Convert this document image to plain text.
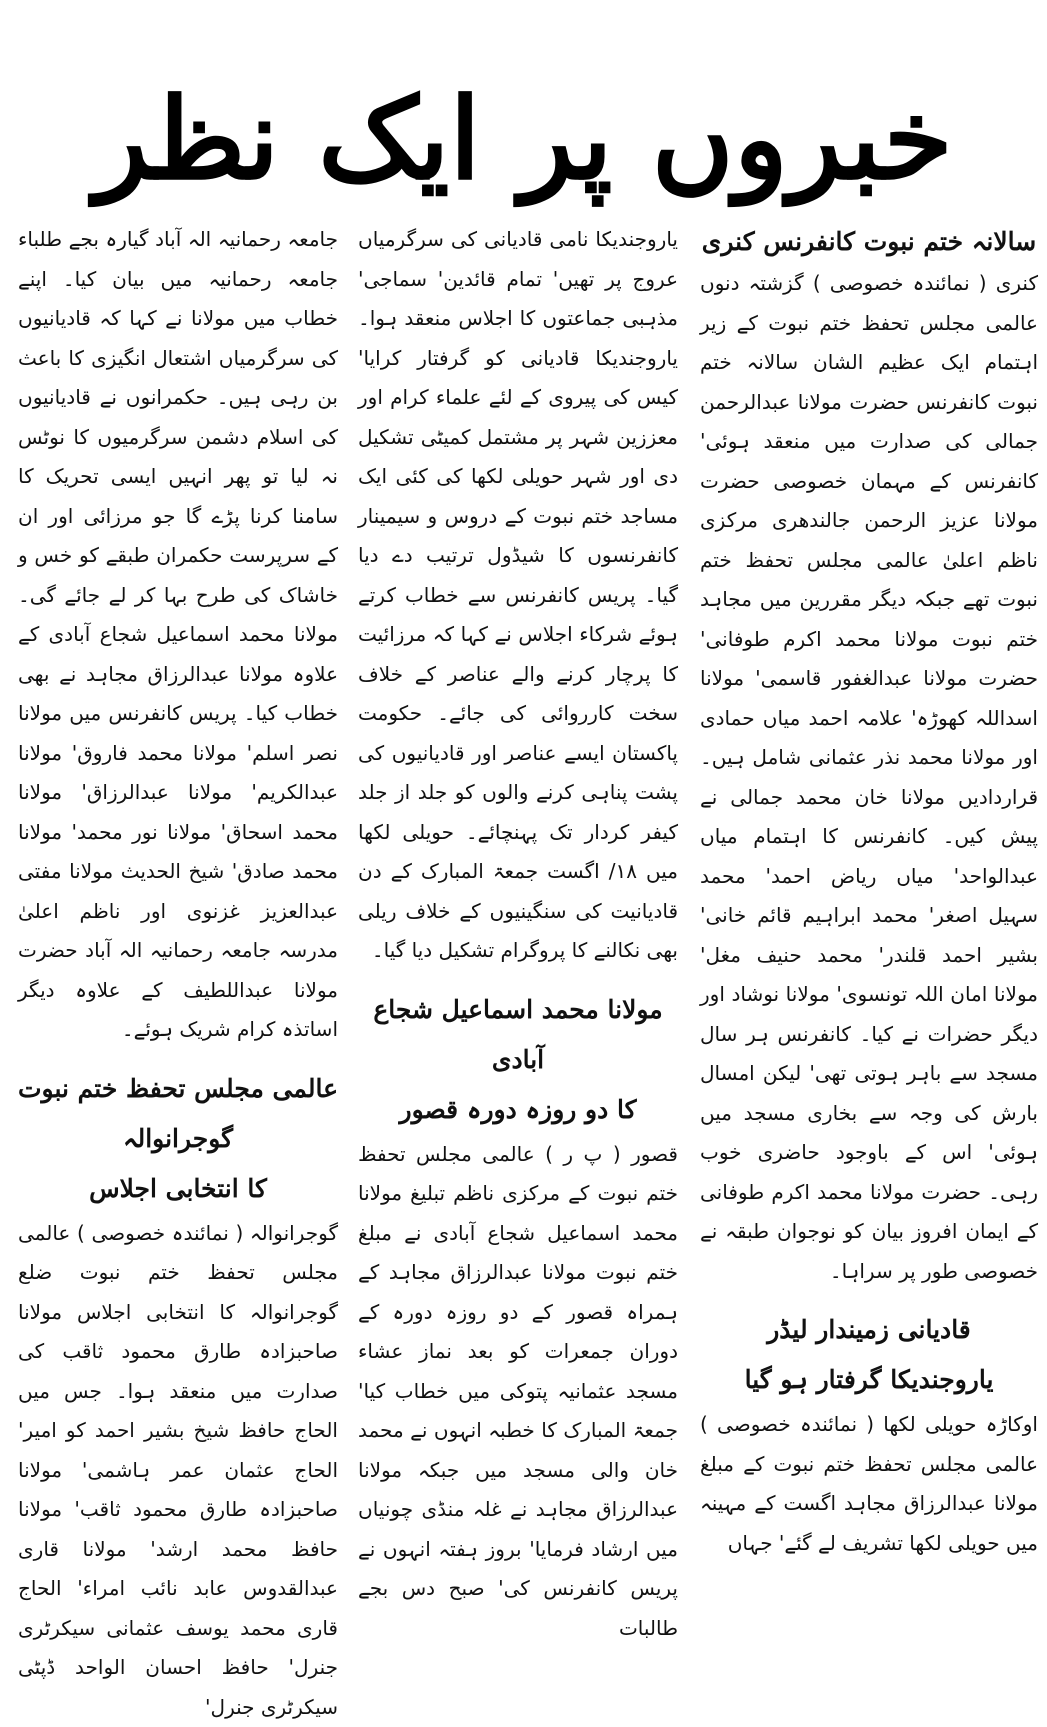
خبروں پر ایک نظر
سالانہ ختم نبوت کانفرنس کنری

کنری ( نمائندہ خصوصی ) گزشتہ دنوں عالمی مجلس تحفظ ختم نبوت کے زیر اہتمام ایک عظیم الشان سالانہ ختم نبوت کانفرنس حضرت مولانا عبدالرحمن جمالی کی صدارت میں منعقد ہوئی' کانفرنس کے مہمان خصوصی حضرت مولانا عزیز الرحمن جالندھری مرکزی ناظم اعلیٰ عالمی مجلس تحفظ ختم نبوت تھے جبکہ دیگر مقررین میں مجاہد ختم نبوت مولانا محمد اکرم طوفانی' حضرت مولانا عبدالغفور قاسمی' مولانا اسداللہ کھوڑہ' علامہ احمد میاں حمادی اور مولانا محمد نذر عثمانی شامل ہیں۔ قراردادیں مولانا خان محمد جمالی نے پیش کیں۔ کانفرنس کا اہتمام میاں عبدالواحد' میاں ریاض احمد' محمد سہیل اصغر' محمد ابراہیم قائم خانی' بشیر احمد قلندر' محمد حنیف مغل' مولانا امان اللہ تونسوی' مولانا نوشاد اور دیگر حضرات نے کیا۔ کانفرنس ہر سال مسجد سے باہر ہوتی تھی' لیکن امسال بارش کی وجہ سے بخاری مسجد میں ہوئی' اس کے باوجود حاضری خوب رہی۔ حضرت مولانا محمد اکرم طوفانی کے ایمان افروز بیان کو نوجوان طبقہ نے خصوصی طور پر سراہا۔

قادیانی زمیندار لیڈر
یاروجندیکا گرفتار ہو گیا

اوکاڑہ حویلی لکھا ( نمائندہ خصوصی ) عالمی مجلس تحفظ ختم نبوت کے مبلغ مولانا عبدالرزاق مجاہد اگست کے مہینہ میں حویلی لکھا تشریف لے گئے' جہاں

یاروجندیکا نامی قادیانی کی سرگرمیاں عروج پر تھیں' تمام قائدین' سماجی' مذہبی جماعتوں کا اجلاس منعقد ہوا۔ یاروجندیکا قادیانی کو گرفتار کرایا' کیس کی پیروی کے لئے علماء کرام اور معززین شہر پر مشتمل کمیٹی تشکیل دی اور شہر حویلی لکھا کی کئی ایک مساجد ختم نبوت کے دروس و سیمینار کانفرنسوں کا شیڈول ترتیب دے دیا گیا۔ پریس کانفرنس سے خطاب کرتے ہوئے شرکاء اجلاس نے کہا کہ مرزائیت کا پرچار کرنے والے عناصر کے خلاف سخت کارروائی کی جائے۔ حکومت پاکستان ایسے عناصر اور قادیانیوں کی پشت پناہی کرنے والوں کو جلد از جلد کیفر کردار تک پہنچائے۔ حویلی لکھا میں ۱۸/ اگست جمعۃ المبارک کے دن قادیانیت کی سنگینیوں کے خلاف ریلی بھی نکالنے کا پروگرام تشکیل دیا گیا۔

مولانا محمد اسماعیل شجاع آبادی
کا دو روزہ دورہ قصور

قصور ( پ ر ) عالمی مجلس تحفظ ختم نبوت کے مرکزی ناظم تبلیغ مولانا محمد اسماعیل شجاع آبادی نے مبلغ ختم نبوت مولانا عبدالرزاق مجاہد کے ہمراہ قصور کے دو روزہ دورہ کے دوران جمعرات کو بعد نماز عشاء مسجد عثمانیہ پتوکی میں خطاب کیا' جمعۃ المبارک کا خطبہ انہوں نے محمد خان والی مسجد میں جبکہ مولانا عبدالرزاق مجاہد نے غلہ منڈی چونیاں میں ارشاد فرمایا' بروز ہفتہ انہوں نے پریس کانفرنس کی' صبح دس بجے طالبات

جامعہ رحمانیہ الہ آباد گیارہ بجے طلباء جامعہ رحمانیہ میں بیان کیا۔ اپنے خطاب میں مولانا نے کہا کہ قادیانیوں کی سرگرمیاں اشتعال انگیزی کا باعث بن رہی ہیں۔ حکمرانوں نے قادیانیوں کی اسلام دشمن سرگرمیوں کا نوٹس نہ لیا تو پھر انہیں ایسی تحریک کا سامنا کرنا پڑے گا جو مرزائی اور ان کے سرپرست حکمران طبقے کو خس و خاشاک کی طرح بہا کر لے جائے گی۔ مولانا محمد اسماعیل شجاع آبادی کے علاوہ مولانا عبدالرزاق مجاہد نے بھی خطاب کیا۔ پریس کانفرنس میں مولانا نصر اسلم' مولانا محمد فاروق' مولانا عبدالکریم' مولانا عبدالرزاق' مولانا محمد اسحاق' مولانا نور محمد' مولانا محمد صادق' شیخ الحدیث مولانا مفتی عبدالعزیز غزنوی اور ناظم اعلیٰ مدرسہ جامعہ رحمانیہ الہ آباد حضرت مولانا عبداللطیف کے علاوہ دیگر اساتذہ کرام شریک ہوئے۔

عالمی مجلس تحفظ ختم نبوت گوجرانوالہ
کا انتخابی اجلاس

گوجرانوالہ ( نمائندہ خصوصی ) عالمی مجلس تحفظ ختم نبوت ضلع گوجرانوالہ کا انتخابی اجلاس مولانا صاحبزادہ طارق محمود ثاقب کی صدارت میں منعقد ہوا۔ جس میں الحاج حافظ شیخ بشیر احمد کو امیر' الحاج عثمان عمر ہاشمی' مولانا صاحبزادہ طارق محمود ثاقب' مولانا حافظ محمد ارشد' مولانا قاری عبدالقدوس عابد نائب امراء' الحاج قاری محمد یوسف عثمانی سیکرٹری جنرل' حافظ احسان الواحد ڈپٹی سیکرٹری جنرل'
